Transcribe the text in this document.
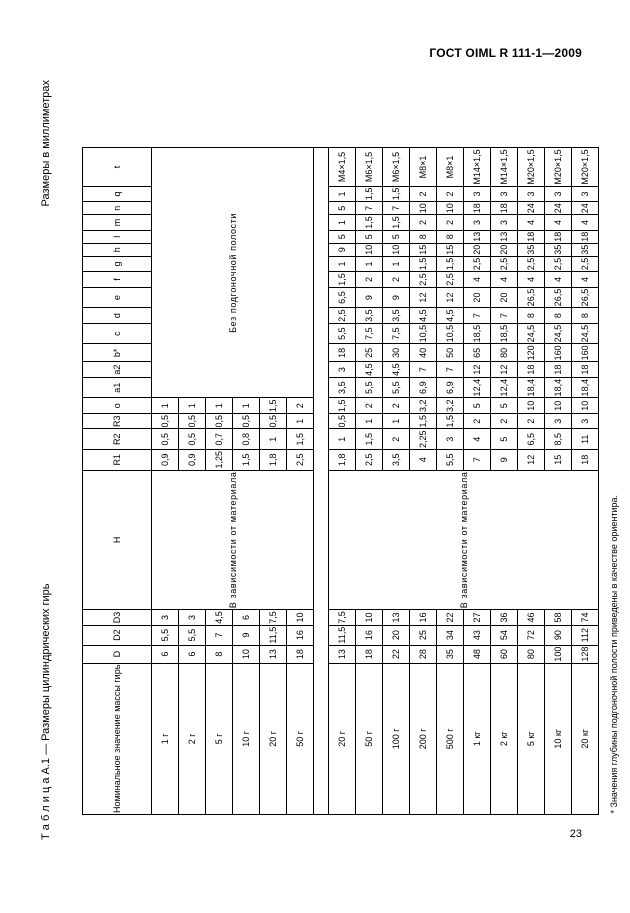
ГОСТ OIML R 111-1—2009
Т а б л и ц а А.1 — Размеры цилиндрических гирь
Размеры в миллиметрах
Номинальное значение массы гирь	D	D2	D3	H	R1	R2	R3	o	a1	a2	b*	c	d	e	f	g	h	l	m	n	q	t
1 г	6	5,5	3	В зависимости от материала	0,9	0,5	0,5	1	Без подгоночной полости													
2 г	6	5,5	3		0,9	0,5	0,5	1														
5 г	8	7	4,5		1,25	0,7	0,5	1														
10 г	10	9	6		1,5	0,8	0,5	1														
20 г	13	11,5	7,5		1,8	1	0,5	1,5														
50 г	18	16	10		2,5	1,5	1	2														

20 г	13	11,5	7,5	В зависимости от материала	1,8	1	0,5	1,5	3,5	3	18	5,5	2,5	6,5	1,5	1	9	5	1	5	1	M4×1,5
50 г	18	16	10		2,5	1,5	1	2	5,5	4,5	25	7,5	3,5	9	2	1	10	5	1,5	7	1,5	M6×1,5
100 г	22	20	13		3,5	2	1	2	5,5	4,5	30	7,5	3,5	9	2	1	10	5	1,5	7	1,5	M6×1,5
200 г	28	25	16		4	2,25	1,5	3,2	6,9	7	40	10,5	4,5	12	2,5	1,5	15	8	2	10	2	M8×1
500 г	35	34	22		5,5	3	1,5	3,2	6,9	7	50	10,5	4,5	12	2,5	1,5	15	8	2	10	2	M8×1
1 кг	48	43	27		7	4	2	5	12,4	12	65	18,5	7	20	4	2,5	20	13	3	18	3	M14×1,5
2 кг	60	54	36		9	5	2	5	12,4	12	80	18,5	7	20	4	2,5	20	13	3	18	3	M14×1,5
5 кг	80	72	46		12	6,5	2	10	18,4	18	120	24,5	8	26,5	4	2,5	35	18	4	24	3	M20×1,5
10 кг	100	90	58		15	8,5	3	10	18,4	18	160	24,5	8	26,5	4	2,5	35	18	4	24	3	M20×1,5
20 кг	128	112	74		18	11	3	10	18,4	18	160	24,5	8	26,5	4	2,5	35	18	4	24	3	M20×1,5
* Значения глубины подгоночной полости приведены в качестве ориентира.																						
23
